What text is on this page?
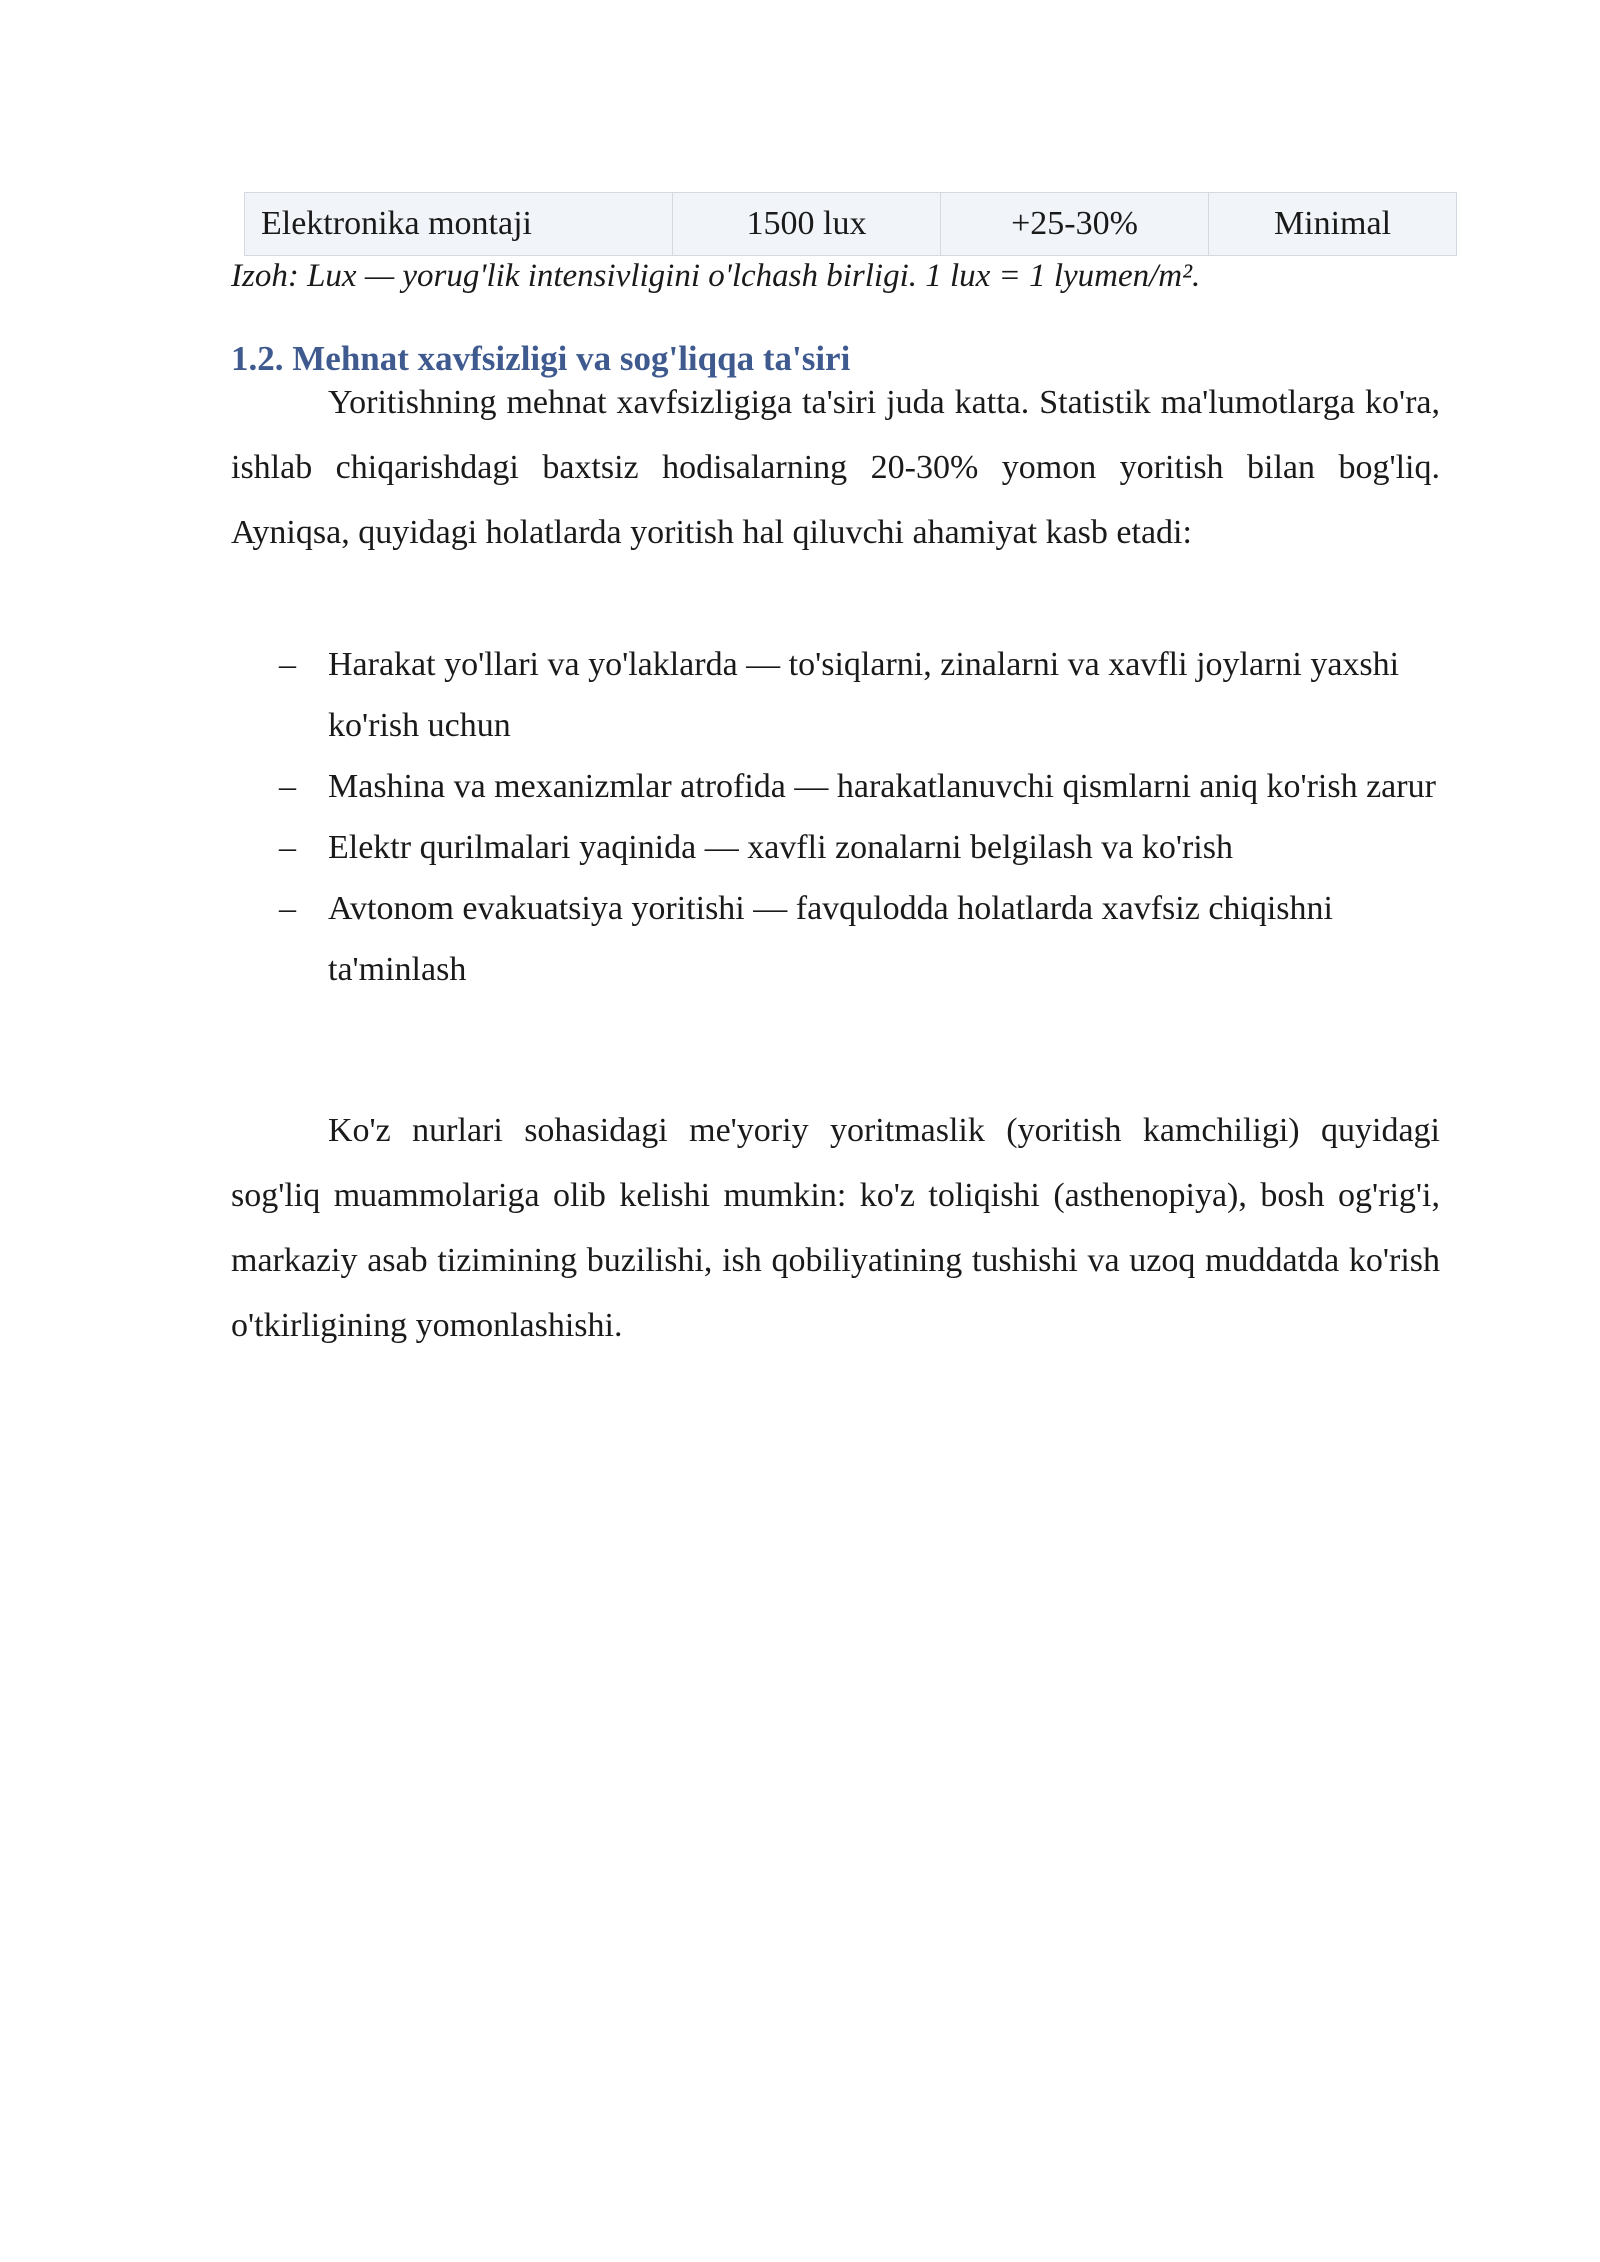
Elektronika montaji	1500 lux	+25-30%	Minimal
Izoh: Lux — yorug'lik intensivligini o'lchash birligi. 1 lux = 1 lyumen/m².
1.2. Mehnat xavfsizligi va sog'liqqa ta'siri

Yoritishning mehnat xavfsizligiga ta'siri juda katta. Statistik ma'lumotlarga ko'ra, ishlab chiqarishdagi baxtsiz hodisalarning 20-30% yomon yoritish bilan bog'liq. Ayniqsa, quyidagi holatlarda yoritish hal qiluvchi ahamiyat kasb etadi:

– Harakat yo'llari va yo'laklarda — to'siqlarni, zinalarni va xavfli joylarni yaxshi ko'rish uchun
– Mashina va mexanizmlar atrofida — harakatlanuvchi qismlarni aniq ko'rish zarur
– Elektr qurilmalari yaqinida — xavfli zonalarni belgilash va ko'rish
– Avtonom evakuatsiya yoritishi — favqulodda holatlarda xavfsiz chiqishni ta'minlash

Ko'z nurlari sohasidagi me'yoriy yoritmaslik (yoritish kamchiligi) quyidagi sog'liq muammolariga olib kelishi mumkin: ko'z toliqishi (asthenopiya), bosh og'rig'i, markaziy asab tizimining buzilishi, ish qobiliyatining tushishi va uzoq muddatda ko'rish o'tkirligining yomonlashishi.
